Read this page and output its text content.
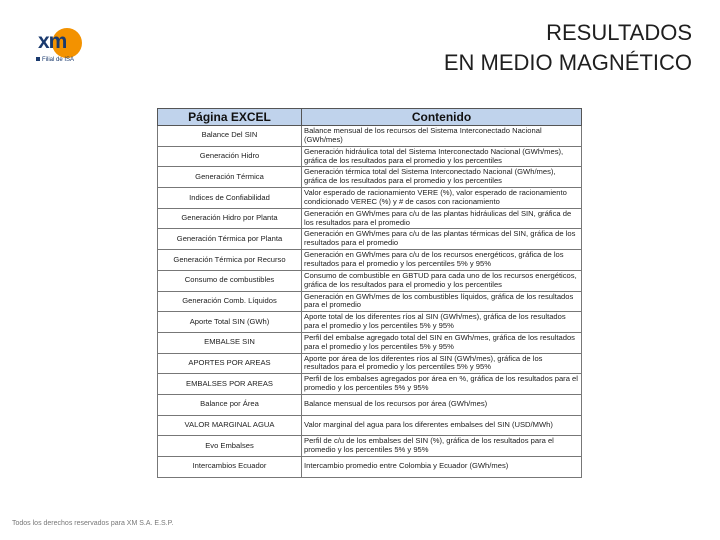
xm
Filial de ISA
RESULTADOS
EN MEDIO MAGNÉTICO
Página EXCEL	Contenido
Balance Del SIN	Balance mensual de los recursos del Sistema Interconectado Nacional (GWh/mes)
Generación Hidro	Generación hidráulica total del Sistema Interconectado Nacional (GWh/mes), gráfica de los resultados para el promedio y los percentiles
Generación Térmica	Generación térmica total del Sistema Interconectado Nacional (GWh/mes), gráfica de los resultados para el promedio y los percentiles
Indices de Confiabilidad	Valor esperado de racionamiento VERE (%), valor esperado de racionamiento condicionado VEREC (%) y # de casos con racionamiento
Generación Hidro por Planta	Generación en GWh/mes para c/u de las plantas hidráulicas del SIN, gráfica de los resultados para el promedio
Generación Térmica por Planta	Generación en GWh/mes para c/u de las plantas térmicas del SIN, gráfica de los resultados para el promedio
Generación Térmica por Recurso	Generación en GWh/mes para c/u de los recursos energéticos, gráfica de los resultados para el promedio y los percentiles 5% y 95%
Consumo de combustibles	Consumo de combustible en GBTUD para cada uno de los recursos energéticos, gráfica de los resultados para el promedio y los percentiles
Generación Comb. Líquidos	Generación en GWh/mes de los combustibles líquidos, gráfica de los resultados para el promedio
Aporte Total SIN (GWh)	Aporte total de los diferentes ríos al SIN (GWh/mes), gráfica de los resultados para el promedio y los percentiles 5% y 95%
EMBALSE SIN	Perfil del embalse agregado total del SIN en GWh/mes, gráfica de los resultados para el promedio y los percentiles 5% y 95%
APORTES POR AREAS	Aporte por área de los diferentes ríos al SIN (GWh/mes), gráfica de los resultados para el promedio y los percentiles 5% y 95%
EMBALSES POR AREAS	Perfil de los embalses agregados por área en %, gráfica de los resultados para el promedio y los percentiles 5% y 95%
Balance por Área	Balance mensual de los recursos por área (GWh/mes)
VALOR MARGINAL AGUA	Valor marginal del agua para los diferentes embalses del SIN (USD/MWh)
Evo Embalses	Perfil de c/u de los embalses del SIN (%), gráfica de los resultados para el promedio y los percentiles 5% y 95%
Intercambios Ecuador	Intercambio promedio entre Colombia y Ecuador (GWh/mes)
Todos los derechos reservados para XM S.A. E.S.P.
